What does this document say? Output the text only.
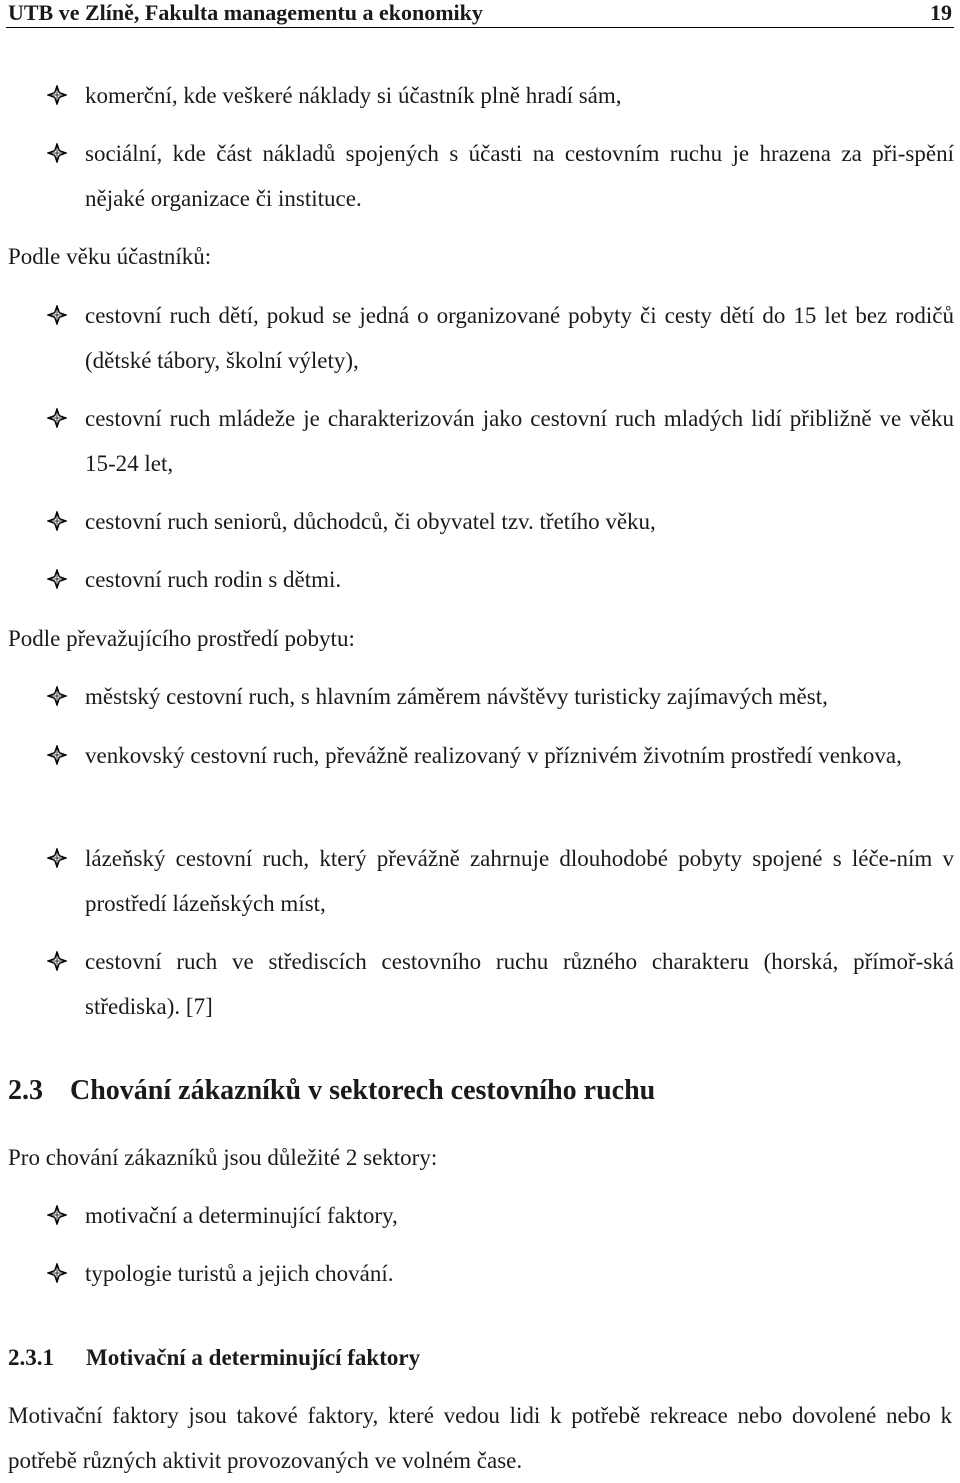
UTB ve Zlíně, Fakulta managementu a ekonomiky	19
komerční, kde veškeré náklady si účastník plně hradí sám,
sociální, kde část nákladů spojených s účasti na cestovním ruchu je hrazena za při-spění nějaké organizace či instituce.
Podle věku účastníků:
cestovní ruch dětí, pokud se jedná o organizované pobyty či cesty dětí do 15 let bez rodičů (dětské tábory, školní výlety),
cestovní ruch mládeže je charakterizován jako cestovní ruch mladých lidí přibližně ve věku 15-24 let,
cestovní ruch seniorů, důchodců, či obyvatel tzv. třetího věku,
cestovní ruch rodin s dětmi.
Podle převažujícího prostředí pobytu:
městský cestovní ruch, s hlavním záměrem návštěvy turisticky zajímavých měst,
venkovský cestovní ruch, převážně realizovaný v příznivém životním prostředí venkova,
lázeňský cestovní ruch, který převážně zahrnuje dlouhodobé pobyty spojené s léče-ním v prostředí lázeňských míst,
cestovní ruch ve střediscích cestovního ruchu různého charakteru (horská, přímoř-ská střediska). [7]
2.3 Chování zákazníků v sektorech cestovního ruchu
Pro chování zákazníků jsou důležité 2 sektory:
motivační a determinující faktory,
typologie turistů a jejich chování.
2.3.1 Motivační a determinující faktory
Motivační faktory jsou takové faktory, které vedou lidi k potřebě rekreace nebo dovolené nebo k potřebě různých aktivit provozovaných ve volném čase.
